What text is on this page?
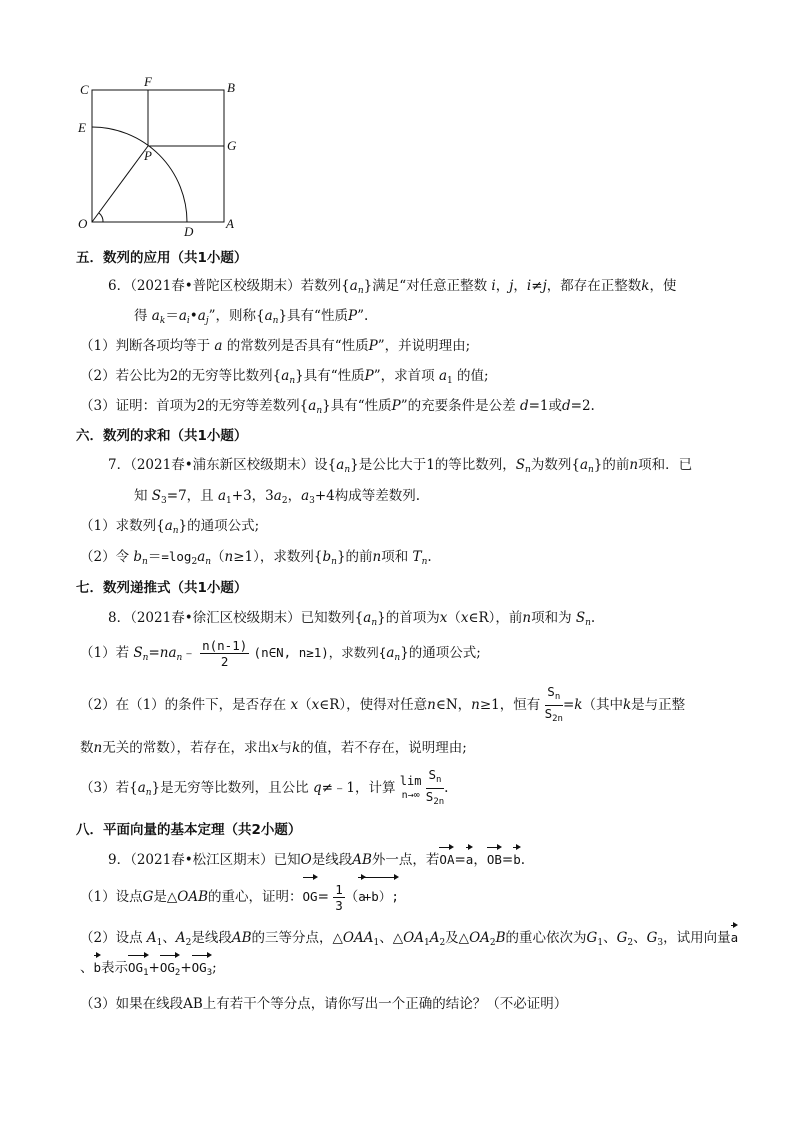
C
F	B
E
G
P
O
D
A
五．数列的应用（共1小题）
6．（2021春•普陀区校级期末）若数列$\{a_n\}$满足“对任意正整数 i，j，i≠j，都存在正整数k，使
得 $a_k=a_i•a_j$”，则称$\{a_n\}$具有“性质P”.
（1）判断各项均等于 a 的常数列是否具有“性质P”，并说明理由;
（2）若公比为2的无穷等比数列$\{a_n\}$具有“性质P”，求首项 $a_1$ 的值;
（3）证明：首项为2的无穷等差数列$\{a_n\}$具有“性质P”的充要条件是公差 d=1或d=2.
六．数列的求和（共1小题）
7．（2021春•浦东新区校级期末）设$\{a_n\}$是公比大于1的等比数列，$S_n$为数列$\{a_n\}$的前n项和．已
知 $S_3=7$，且 $a_1+3$，$3a_2$，$a_3+4$构成等差数列.
（1）求数列$\{a_n\}$的通项公式;
（2）令 $b_n==\log_2a_n(n\ge 1)$，求数列$\{b_n\}$的前n项和 $T_n$.
七．数列递推式（共1小题）
8．（2021春•徐汇区校级期末）已知数列$\{a_n\}$的首项为x（x∈R），前n项和为 $S_n$.
（1）若 $S_n=na_n﹣ \frac{n(n-1)}{2}$ (n∈N, n≥1)，求数列$\{a_n\}$的通项公式;
（2）在（1）的条件下，是否存在 x（x∈R），使得对任意n∈N，n≥1，恒有 $\frac{S_n}{S_{2n}} =k$（其中k是与正整
数n无关的常数），若存在，求出x与k的值，若不存在，说明理由;
（3）若$\{a_n\}$是无穷等比数列，且公比 q≠﹣1，计算 lim
$n\to\infty \frac{S_n}{S_{2n}}$ .
八．平面向量的基本定理（共2小题）
9．（2021春•松江区期末）已知O是线段AB外一点，若OA=a，OB=b.
（1）设点G是△OAB的重心，证明：$OG= \frac{1}{3} (a+b)$;
（2）设点 $A_1$、$A_2$是线段AB的三等分点，$\triangle OAA_1$、$\triangle OA_1A_2$及$\triangle OA_2B$的重心依次为$G_1$、$G_2$、$G_3$，试用向量a
、b表示$OG_1+OG_2+OG_3$;
（3）如果在线段AB上有若干个等分点，请你写出一个正确的结论？（不必证明）
